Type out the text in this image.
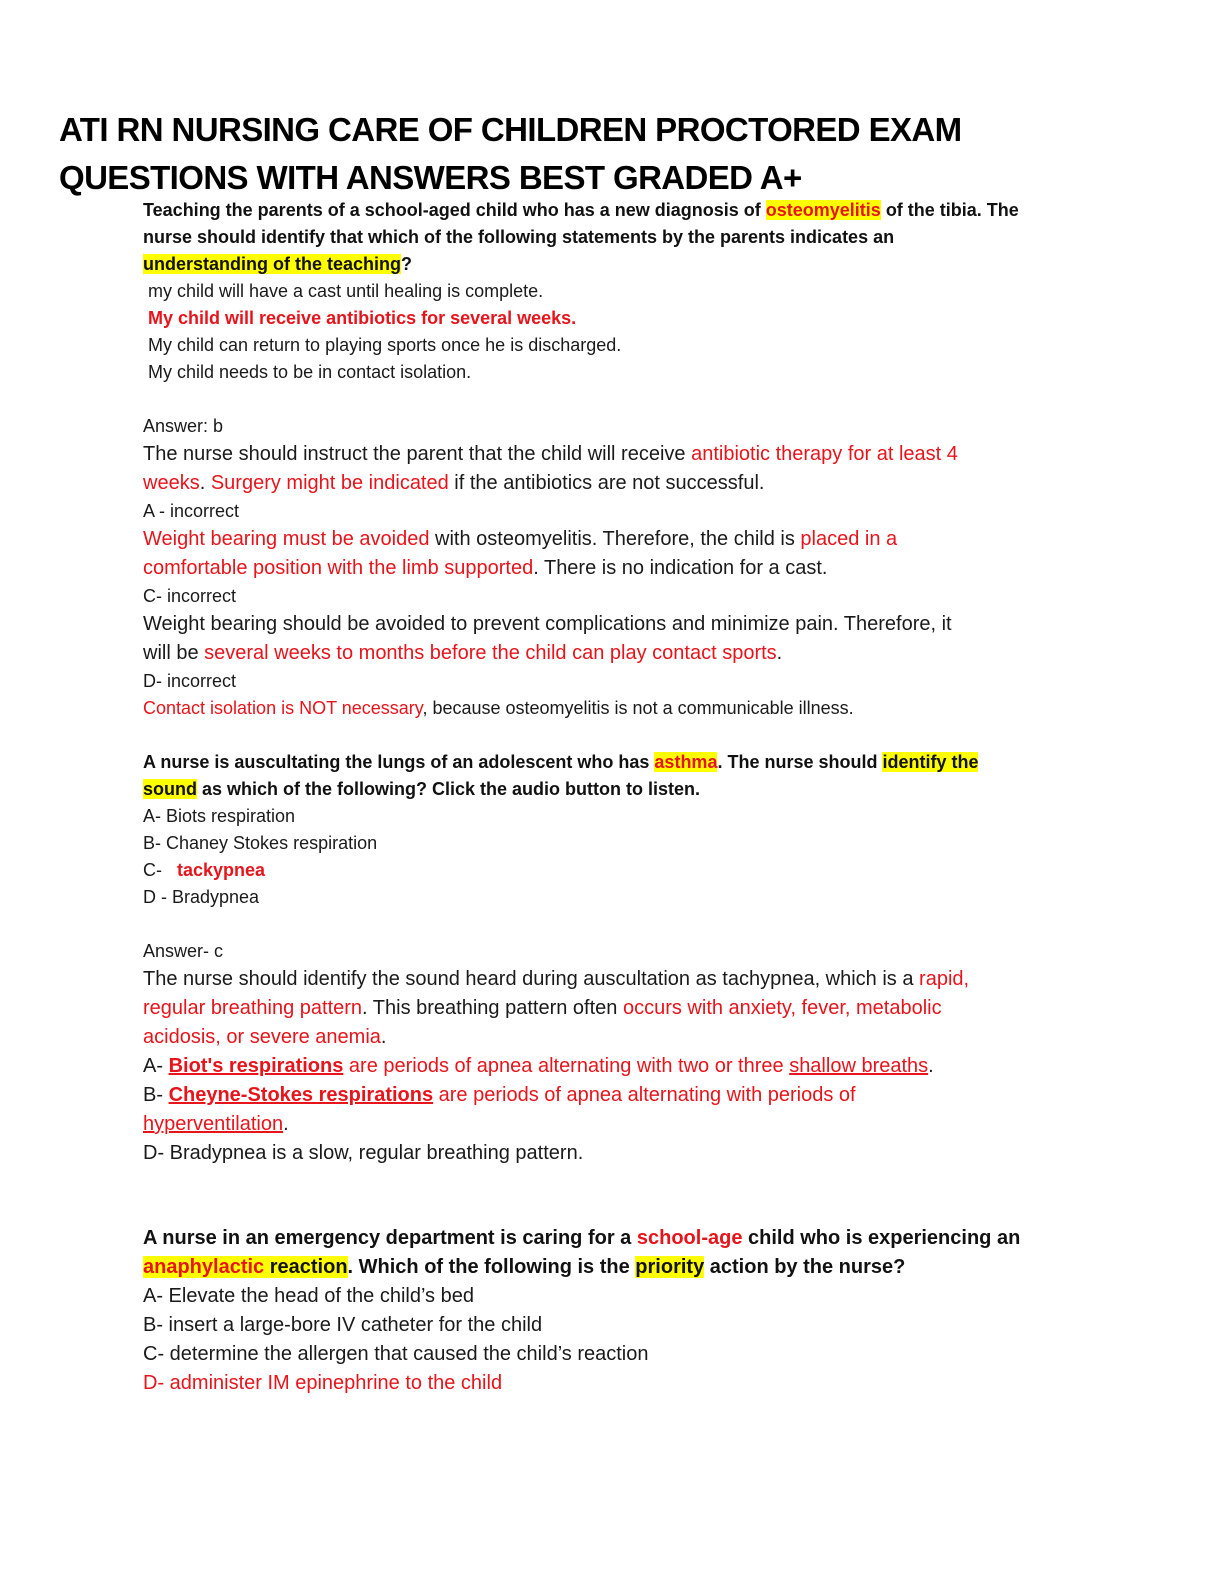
ATI RN NURSING CARE OF CHILDREN PROCTORED EXAM
QUESTIONS WITH ANSWERS BEST GRADED A+
Teaching the parents of a school-aged child who has a new diagnosis of osteomyelitis of the tibia. The
nurse should identify that which of the following statements by the parents indicates an
understanding of the teaching?
my child will have a cast until healing is complete.
My child will receive antibiotics for several weeks.
My child can return to playing sports once he is discharged.
My child needs to be in contact isolation.
Answer: b
The nurse should instruct the parent that the child will receive antibiotic therapy for at least 4
weeks. Surgery might be indicated if the antibiotics are not successful.
A - incorrect
Weight bearing must be avoided with osteomyelitis. Therefore, the child is placed in a
comfortable position with the limb supported. There is no indication for a cast.
C- incorrect
Weight bearing should be avoided to prevent complications and minimize pain. Therefore, it
will be several weeks to months before the child can play contact sports.
D- incorrect
Contact isolation is NOT necessary, because osteomyelitis is not a communicable illness.
A nurse is auscultating the lungs of an adolescent who has asthma. The nurse should identify the
sound as which of the following? Click the audio button to listen.
A- Biots respiration
B- Chaney Stokes respiration
C-   tackypnea
D - Bradypnea
Answer- c
The nurse should identify the sound heard during auscultation as tachypnea, which is a rapid,
regular breathing pattern. This breathing pattern often occurs with anxiety, fever, metabolic
acidosis, or severe anemia.
A- Biot's respirations are periods of apnea alternating with two or three shallow breaths.
B- Cheyne-Stokes respirations are periods of apnea alternating with periods of
hyperventilation.
D- Bradypnea is a slow, regular breathing pattern.
A nurse in an emergency department is caring for a school-age child who is experiencing an
anaphylactic reaction. Which of the following is the priority action by the nurse?
A- Elevate the head of the child’s bed
B- insert a large-bore IV catheter for the child
C- determine the allergen that caused the child’s reaction
D- administer IM epinephrine to the child
